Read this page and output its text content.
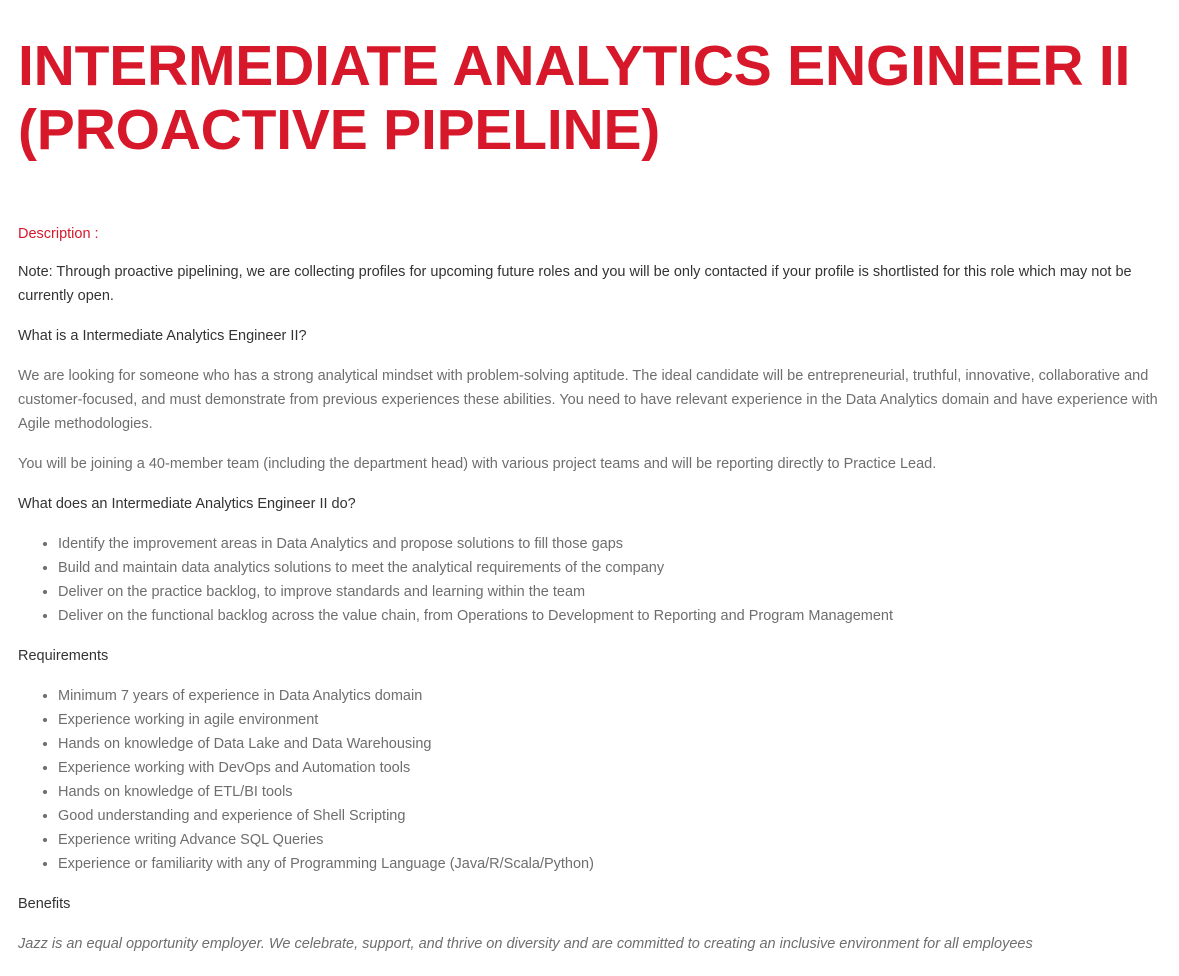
INTERMEDIATE ANALYTICS ENGINEER II (PROACTIVE PIPELINE)
Description :

Note: Through proactive pipelining, we are collecting profiles for upcoming future roles and you will be only contacted if your profile is shortlisted for this role which may not be currently open.

What is a Intermediate Analytics Engineer II?

We are looking for someone who has a strong analytical mindset with problem-solving aptitude. The ideal candidate will be entrepreneurial, truthful, innovative, collaborative and customer-focused, and must demonstrate from previous experiences these abilities. You need to have relevant experience in the Data Analytics domain and have experience with Agile methodologies.

You will be joining a 40-member team (including the department head) with various project teams and will be reporting directly to Practice Lead.

What does an Intermediate Analytics Engineer II do?

• Identify the improvement areas in Data Analytics and propose solutions to fill those gaps
• Build and maintain data analytics solutions to meet the analytical requirements of the company
• Deliver on the practice backlog, to improve standards and learning within the team
• Deliver on the functional backlog across the value chain, from Operations to Development to Reporting and Program Management

Requirements

• Minimum 7 years of experience in Data Analytics domain
• Experience working in agile environment
• Hands on knowledge of Data Lake and Data Warehousing
• Experience working with DevOps and Automation tools
• Hands on knowledge of ETL/BI tools
• Good understanding and experience of Shell Scripting
• Experience writing Advance SQL Queries
• Experience or familiarity with any of Programming Language (Java/R/Scala/Python)

Benefits

Jazz is an equal opportunity employer. We celebrate, support, and thrive on diversity and are committed to creating an inclusive environment for all employees
